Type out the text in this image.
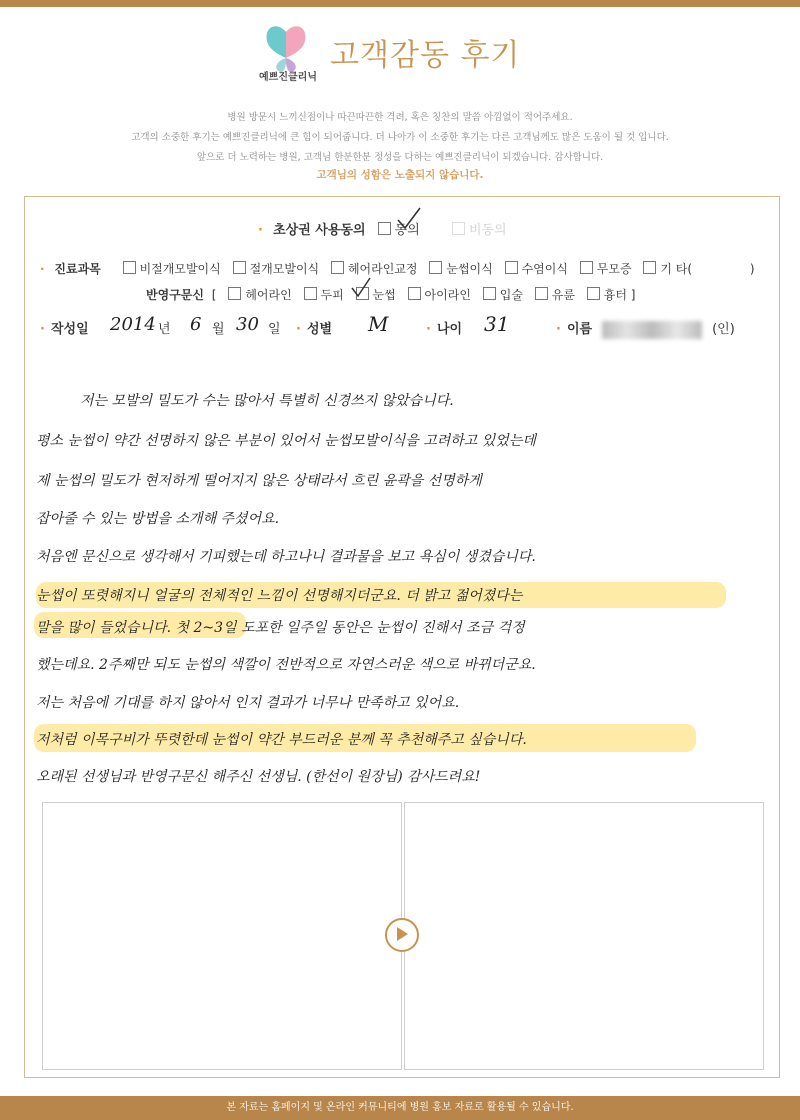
예쁘진클리닉
고객감동 후기
병원 방문시 느끼신점이나 따끈따끈한 격려, 혹은 칭찬의 말씀 아낌없이 적어주세요.
고객의 소중한 후기는 예쁘진클리닉에 큰 힘이 되어줍니다. 더 나아가 이 소중한 후기는 다른 고객님께도 많은 도움이 될 것 입니다.
앞으로 더 노력하는 병원, 고객님 한분한분 정성을 다하는 예쁘진클리닉이 되겠습니다. 감사합니다.
고객님의 성함은 노출되지 않습니다.
· 초상권 사용동의 동의	비동의
· 진료과목	비절개모발이식 절개모발이식 헤어라인교정 눈썹이식 수염이식 무모증 기 타(	)
반영구문신 [ 헤어라인 두피 눈썹 아이라인 입술 유륜 흉터 ]
· 작성일 2014 년 6 월 30 일 · 성별 M	· 나이 31	· 이름	(인)
저는 모발의 밀도가 수는 많아서 특별히 신경쓰지 않았습니다.
평소 눈썹이 약간 선명하지 않은 부분이 있어서 눈썹모발이식을 고려하고 있었는데
제 눈썹의 밀도가 현저하게 떨어지지 않은 상태라서 흐린 윤곽을 선명하게
잡아줄 수 있는 방법을 소개해 주셨어요.
처음엔 문신으로 생각해서 기피했는데 하고나니 결과물을 보고 욕심이 생겼습니다.
눈썹이 또렷해지니 얼굴의 전체적인 느낌이 선명해지더군요. 더 밝고 젊어졌다는
말을 많이 들었습니다. 첫 2~3일 도포한 일주일 동안은 눈썹이 진해서 조금 걱정
했는데요. 2주째만 되도 눈썹의 색깔이 전반적으로 자연스러운 색으로 바뀌더군요.
저는 처음에 기대를 하지 않아서 인지 결과가 너무나 만족하고 있어요.
저처럼 이목구비가 뚜렷한데 눈썹이 약간 부드러운 분께 꼭 추천해주고 싶습니다.
오래된 선생님과 반영구문신 해주신 선생님. (한선이 원장님) 감사드려요!
본 자료는 홈페이지 및 온라인 커뮤니티에 병원 홍보 자료로 활용될 수 있습니다.
